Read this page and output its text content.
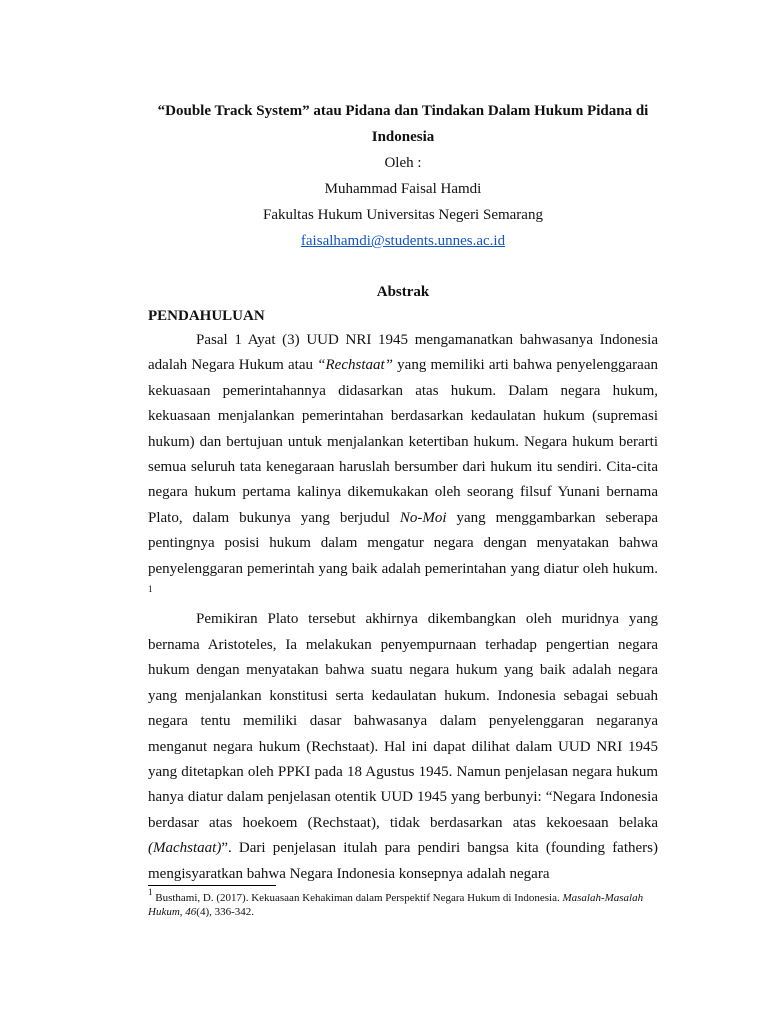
“Double Track System” atau Pidana dan Tindakan Dalam Hukum Pidana di Indonesia
Oleh :
Muhammad Faisal Hamdi
Fakultas Hukum Universitas Negeri Semarang
faisalhamdi@students.unnes.ac.id
Abstrak
PENDAHULUAN

Pasal 1 Ayat (3) UUD NRI 1945 mengamanatkan bahwasanya Indonesia adalah Negara Hukum atau “Rechstaat” yang memiliki arti bahwa penyelenggaraan kekuasaan pemerintahannya didasarkan atas hukum. Dalam negara hukum, kekuasaan menjalankan pemerintahan berdasarkan kedaulatan hukum (supremasi hukum) dan bertujuan untuk menjalankan ketertiban hukum. Negara hukum berarti semua seluruh tata kenegaraan haruslah bersumber dari hukum itu sendiri. Cita-cita negara hukum pertama kalinya dikemukakan oleh seorang filsuf Yunani bernama Plato, dalam bukunya yang berjudul No-Moi yang menggambarkan seberapa pentingnya posisi hukum dalam mengatur negara dengan menyatakan bahwa penyelenggaran pemerintah yang baik adalah pemerintahan yang diatur oleh hukum. $^1$

Pemikiran Plato tersebut akhirnya dikembangkan oleh muridnya yang bernama Aristoteles, Ia melakukan penyempurnaan terhadap pengertian negara hukum dengan menyatakan bahwa suatu negara hukum yang baik adalah negara yang menjalankan konstitusi serta kedaulatan hukum. Indonesia sebagai sebuah negara tentu memiliki dasar bahwasanya dalam penyelenggaran negaranya menganut negara hukum (Rechstaat). Hal ini dapat dilihat dalam UUD NRI 1945 yang ditetapkan oleh PPKI pada 18 Agustus 1945. Namun penjelasan negara hukum hanya diatur dalam penjelasan otentik UUD 1945 yang berbunyi: “Negara Indonesia berdasar atas hoekoem (Rechstaat), tidak berdasarkan atas kekoesaan belaka (Machstaat)”. Dari penjelasan itulah para pendiri bangsa kita (founding fathers) mengisyaratkan bahwa Negara Indonesia konsepnya adalah negara

$^1$ Busthami, D. (2017). Kekuasaan Kehakiman dalam Perspektif Negara Hukum di Indonesia. Masalah-Masalah Hukum, 46(4), 336-342.
